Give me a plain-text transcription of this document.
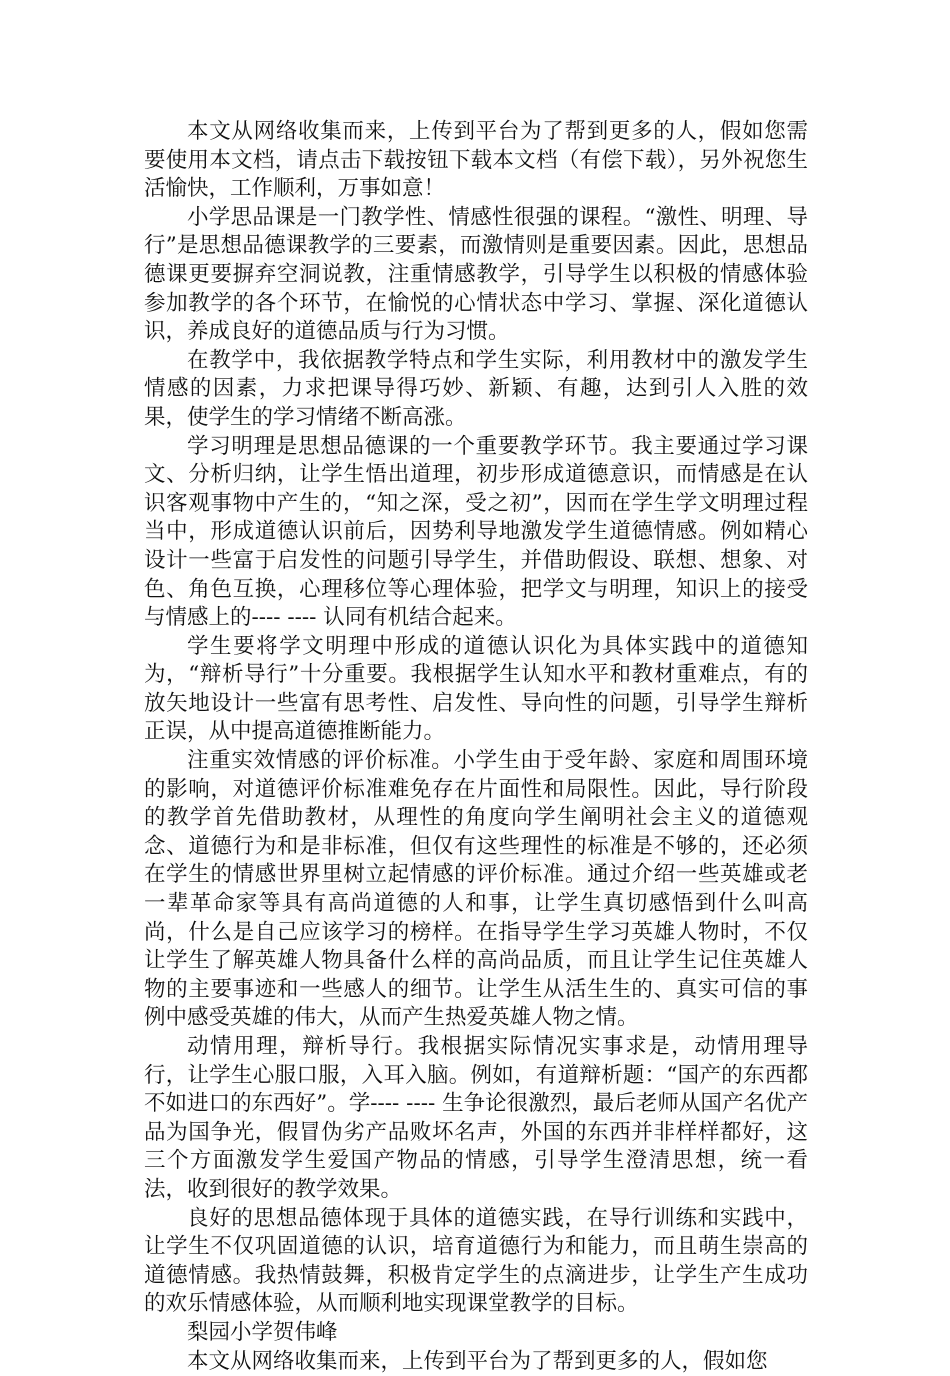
本文从网络收集而来，上传到平台为了帮到更多的人，假如您需要使用本文档，请点击下载按钮下载本文档（有偿下载），另外祝您生活愉快，工作顺利，万事如意！

小学思品课是一门教学性、情感性很强的课程。“激性、明理、导行”是思想品德课教学的三要素，而激情则是重要因素。因此，思想品德课更要摒弃空洞说教，注重情感教学，引导学生以积极的情感体验参加教学的各个环节，在愉悦的心情状态中学习、掌握、深化道德认识，养成良好的道德品质与行为习惯。

在教学中，我依据教学特点和学生实际，利用教材中的激发学生情感的因素，力求把课导得巧妙、新颖、有趣，达到引人入胜的效果，使学生的学习情绪不断高涨。

学习明理是思想品德课的一个重要教学环节。我主要通过学习课文、分析归纳，让学生悟出道理，初步形成道德意识，而情感是在认识客观事物中产生的，“知之深，受之初”，因而在学生学文明理过程当中，形成道德认识前后，因势利导地激发学生道德情感。例如精心设计一些富于启发性的问题引导学生，并借助假设、联想、想象、对色、角色互换，心理移位等心理体验，把学文与明理，知识上的接受与情感上的---- ---- 认同有机结合起来。

学生要将学文明理中形成的道德认识化为具体实践中的道德知为，“辩析导行”十分重要。我根据学生认知水平和教材重难点，有的放矢地设计一些富有思考性、启发性、导向性的问题，引导学生辩析正误，从中提高道德推断能力。

注重实效情感的评价标准。小学生由于受年龄、家庭和周围环境的影响，对道德评价标准难免存在片面性和局限性。因此，导行阶段的教学首先借助教材，从理性的角度向学生阐明社会主义的道德观念、道德行为和是非标准，但仅有这些理性的标准是不够的，还必须在学生的情感世界里树立起情感的评价标准。通过介绍一些英雄或老一辈革命家等具有高尚道德的人和事，让学生真切感悟到什么叫高尚，什么是自己应该学习的榜样。在指导学生学习英雄人物时，不仅让学生了解英雄人物具备什么样的高尚品质，而且让学生记住英雄人物的主要事迹和一些感人的细节。让学生从活生生的、真实可信的事例中感受英雄的伟大，从而产生热爱英雄人物之情。

动情用理，辩析导行。我根据实际情况实事求是，动情用理导行，让学生心服口服，入耳入脑。例如，有道辩析题：“国产的东西都不如进口的东西好”。学---- ---- 生争论很激烈，最后老师从国产名优产品为国争光，假冒伪劣产品败坏名声，外国的东西并非样样都好，这三个方面激发学生爱国产物品的情感，引导学生澄清思想，统一看法，收到很好的教学效果。

良好的思想品德体现于具体的道德实践，在导行训练和实践中，让学生不仅巩固道德的认识，培育道德行为和能力，而且萌生崇高的道德情感。我热情鼓舞，积极肯定学生的点滴进步，让学生产生成功的欢乐情感体验，从而顺利地实现课堂教学的目标。

梨园小学贺伟峰

本文从网络收集而来，上传到平台为了帮到更多的人，假如您
